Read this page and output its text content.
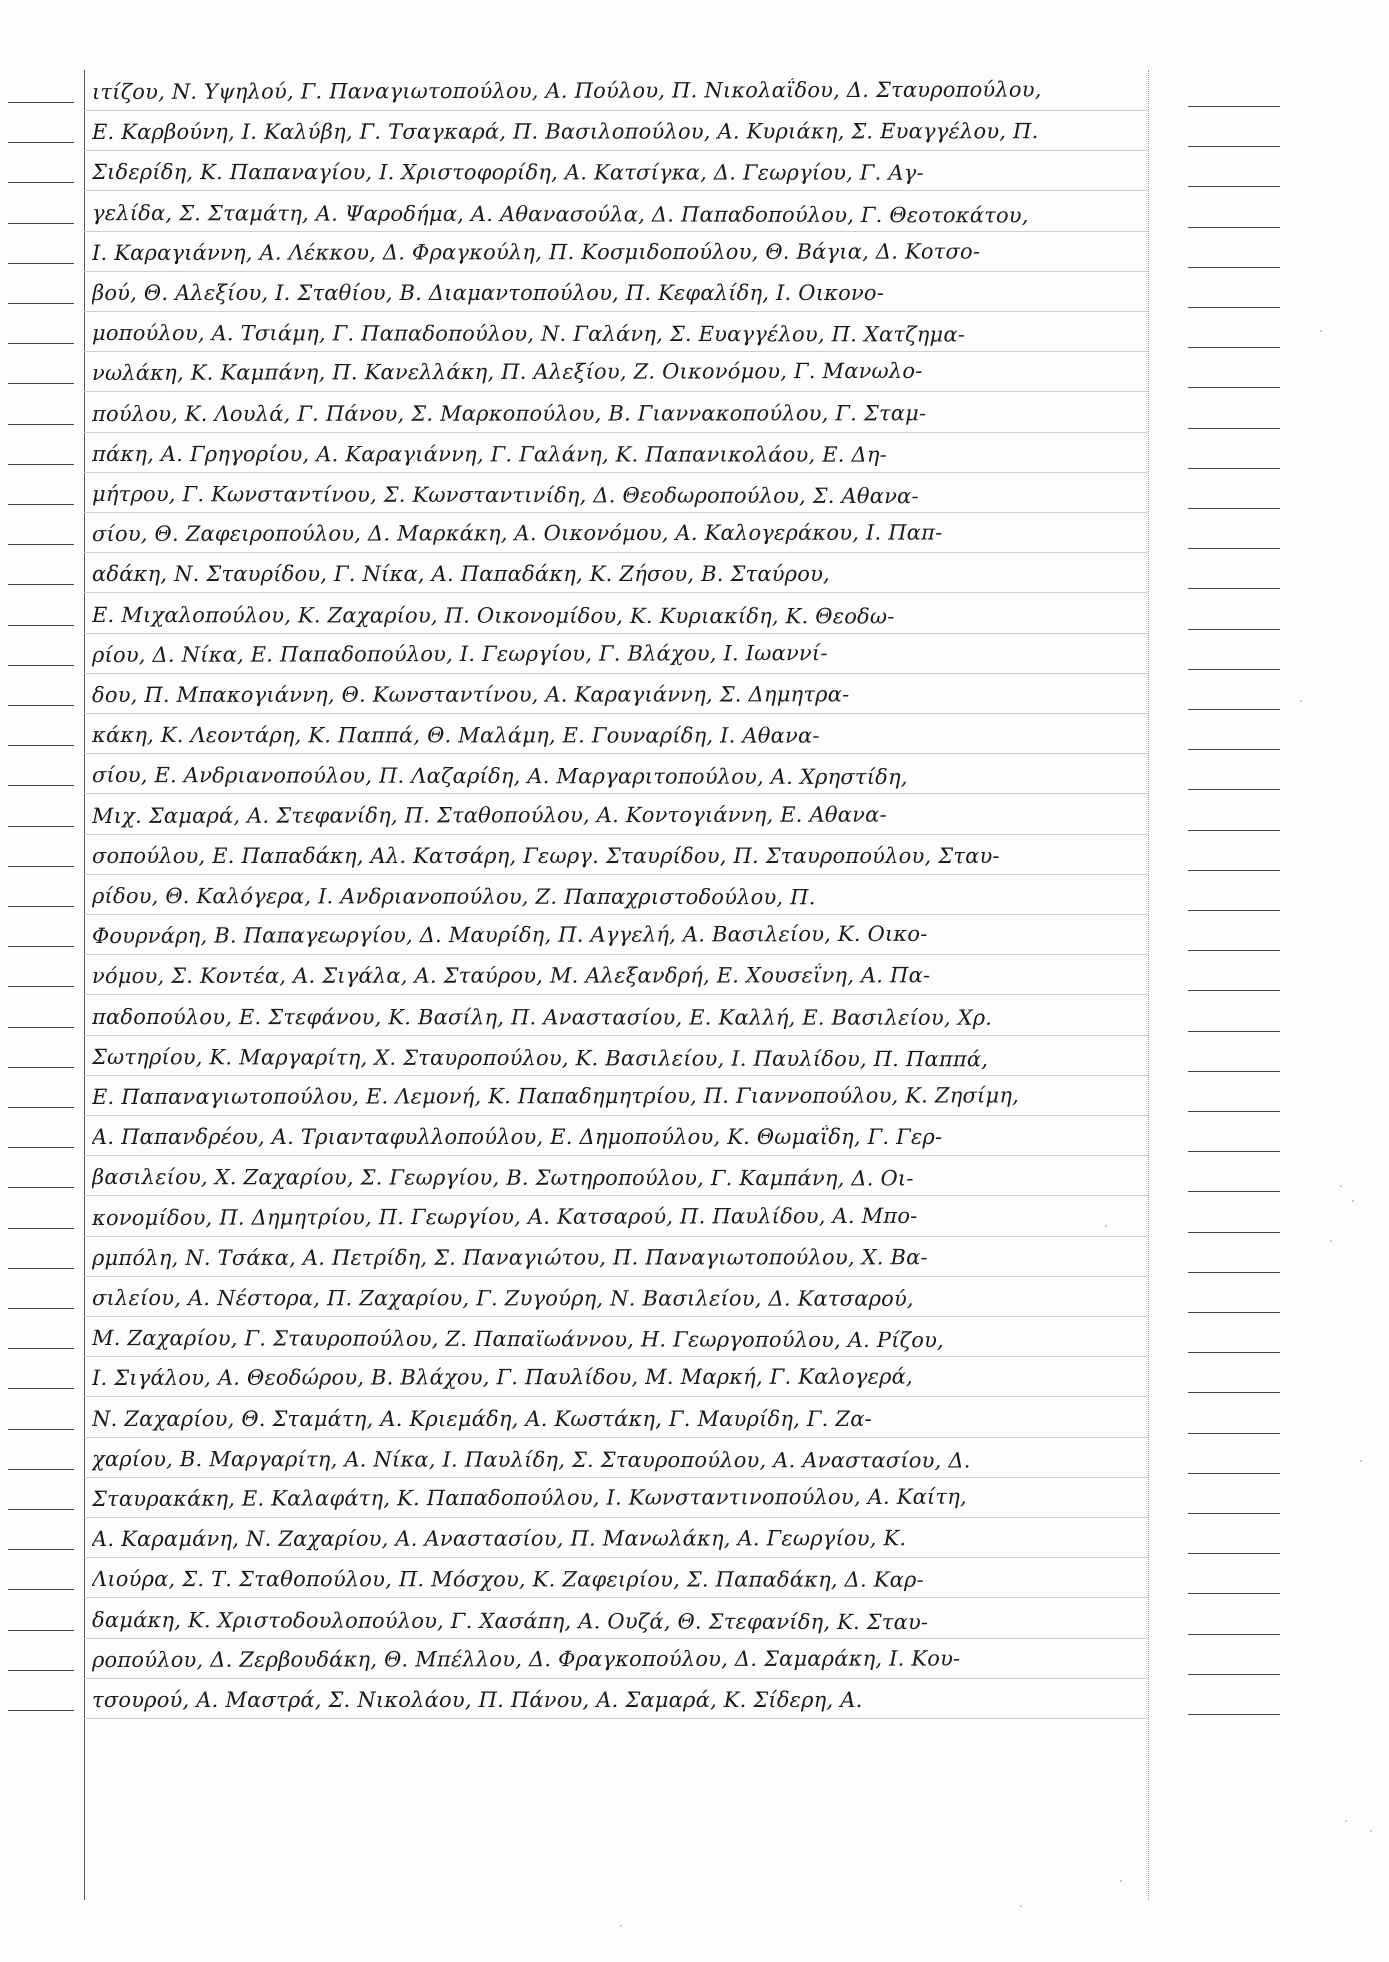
ιτίζου, Ν. Υψηλού, Γ. Παναγιωτοπούλου, Α. Πούλου, Π. Νικολαΐδου, Δ. Σταυροπούλου,
Ε. Καρβούνη, Ι. Καλύβη, Γ. Τσαγκαρά, Π. Βασιλοπούλου, Α. Κυριάκη, Σ. Ευαγγέλου, Π.
Σιδερίδη, Κ. Παπαναγίου, Ι. Χριστοφορίδη, Α. Κατσίγκα, Δ. Γεωργίου, Γ. Αγ-
γελίδα, Σ. Σταμάτη, Α. Ψαροδήμα, Α. Αθανασούλα, Δ. Παπαδοπούλου, Γ. Θεοτοκάτου,
Ι. Καραγιάννη, Α. Λέκκου, Δ. Φραγκούλη, Π. Κοσμιδοπούλου, Θ. Βάγια, Δ. Κοτσο-
βού, Θ. Αλεξίου, Ι. Σταθίου, Β. Διαμαντοπούλου, Π. Κεφαλίδη, Ι. Οικονο-
μοπούλου, Α. Τσιάμη, Γ. Παπαδοπούλου, Ν. Γαλάνη, Σ. Ευαγγέλου, Π. Χατζημα-
νωλάκη, Κ. Καμπάνη, Π. Κανελλάκη, Π. Αλεξίου, Ζ. Οικονόμου, Γ. Μανωλο-
πούλου, Κ. Λουλά, Γ. Πάνου, Σ. Μαρκοπούλου, Β. Γιαννακοπούλου, Γ. Σταμ-
πάκη, Α. Γρηγορίου, Α. Καραγιάννη, Γ. Γαλάνη, Κ. Παπανικολάου, Ε. Δη-
μήτρου, Γ. Κωνσταντίνου, Σ. Κωνσταντινίδη, Δ. Θεοδωροπούλου, Σ. Αθανα-
σίου, Θ. Ζαφειροπούλου, Δ. Μαρκάκη, Α. Οικονόμου, Α. Καλογεράκου, Ι. Παπ-
αδάκη, Ν. Σταυρίδου, Γ. Νίκα, Α. Παπαδάκη, Κ. Ζήσου, Β. Σταύρου,
Ε. Μιχαλοπούλου, Κ. Ζαχαρίου, Π. Οικονομίδου, Κ. Κυριακίδη, Κ. Θεοδω-
ρίου, Δ. Νίκα, Ε. Παπαδοπούλου, Ι. Γεωργίου, Γ. Βλάχου, Ι. Ιωαννί-
δου, Π. Μπακογιάννη, Θ. Κωνσταντίνου, Α. Καραγιάννη, Σ. Δημητρα-
κάκη, Κ. Λεοντάρη, Κ. Παππά, Θ. Μαλάμη, Ε. Γουναρίδη, Ι. Αθανα-
σίου, Ε. Ανδριανοπούλου, Π. Λαζαρίδη, Α. Μαργαριτοπούλου, Α. Χρηστίδη,
Μιχ. Σαμαρά, Α. Στεφανίδη, Π. Σταθοπούλου, Α. Κοντογιάννη, Ε. Αθανα-
σοπούλου, Ε. Παπαδάκη, Αλ. Κατσάρη, Γεωργ. Σταυρίδου, Π. Σταυροπούλου, Σταυ-
ρίδου, Θ. Καλόγερα, Ι. Ανδριανοπούλου, Ζ. Παπαχριστοδούλου, Π.
Φουρνάρη, Β. Παπαγεωργίου, Δ. Μαυρίδη, Π. Αγγελή, Α. Βασιλείου, Κ. Οικο-
νόμου, Σ. Κοντέα, Α. Σιγάλα, Α. Σταύρου, Μ. Αλεξανδρή, Ε. Χουσεΐνη, Α. Πα-
παδοπούλου, Ε. Στεφάνου, Κ. Βασίλη, Π. Αναστασίου, Ε. Καλλή, Ε. Βασιλείου, Χρ.
Σωτηρίου, Κ. Μαργαρίτη, Χ. Σταυροπούλου, Κ. Βασιλείου, Ι. Παυλίδου, Π. Παππά,
Ε. Παπαναγιωτοπούλου, Ε. Λεμονή, Κ. Παπαδημητρίου, Π. Γιαννοπούλου, Κ. Ζησίμη,
Α. Παπανδρέου, Α. Τριανταφυλλοπούλου, Ε. Δημοπούλου, Κ. Θωμαΐδη, Γ. Γερ-
βασιλείου, Χ. Ζαχαρίου, Σ. Γεωργίου, Β. Σωτηροπούλου, Γ. Καμπάνη, Δ. Οι-
κονομίδου, Π. Δημητρίου, Π. Γεωργίου, Α. Κατσαρού, Π. Παυλίδου, Α. Μπο-
ρμπόλη, Ν. Τσάκα, Α. Πετρίδη, Σ. Παναγιώτου, Π. Παναγιωτοπούλου, Χ. Βα-
σιλείου, Α. Νέστορα, Π. Ζαχαρίου, Γ. Ζυγούρη, Ν. Βασιλείου, Δ. Κατσαρού,
Μ. Ζαχαρίου, Γ. Σταυροπούλου, Ζ. Παπαϊωάννου, Η. Γεωργοπούλου, Α. Ρίζου,
Ι. Σιγάλου, Α. Θεοδώρου, Β. Βλάχου, Γ. Παυλίδου, Μ. Μαρκή, Γ. Καλογερά,
Ν. Ζαχαρίου, Θ. Σταμάτη, Α. Κριεμάδη, Α. Κωστάκη, Γ. Μαυρίδη, Γ. Ζα-
χαρίου, Β. Μαργαρίτη, Α. Νίκα, Ι. Παυλίδη, Σ. Σταυροπούλου, Α. Αναστασίου, Δ.
Σταυρακάκη, Ε. Καλαφάτη, Κ. Παπαδοπούλου, Ι. Κωνσταντινοπούλου, Α. Καίτη,
Α. Καραμάνη, Ν. Ζαχαρίου, Α. Αναστασίου, Π. Μανωλάκη, Α. Γεωργίου, Κ.
Λιούρα, Σ. Τ. Σταθοπούλου, Π. Μόσχου, Κ. Ζαφειρίου, Σ. Παπαδάκη, Δ. Καρ-
δαμάκη, Κ. Χριστοδουλοπούλου, Γ. Χασάπη, Α. Ουζά, Θ. Στεφανίδη, Κ. Σταυ-
ροπούλου, Δ. Ζερβουδάκη, Θ. Μπέλλου, Δ. Φραγκοπούλου, Δ. Σαμαράκη, Ι. Κου-
τσουρού, Α. Μαστρά, Σ. Νικολάου, Π. Πάνου, Α. Σαμαρά, Κ. Σίδερη, Α.
